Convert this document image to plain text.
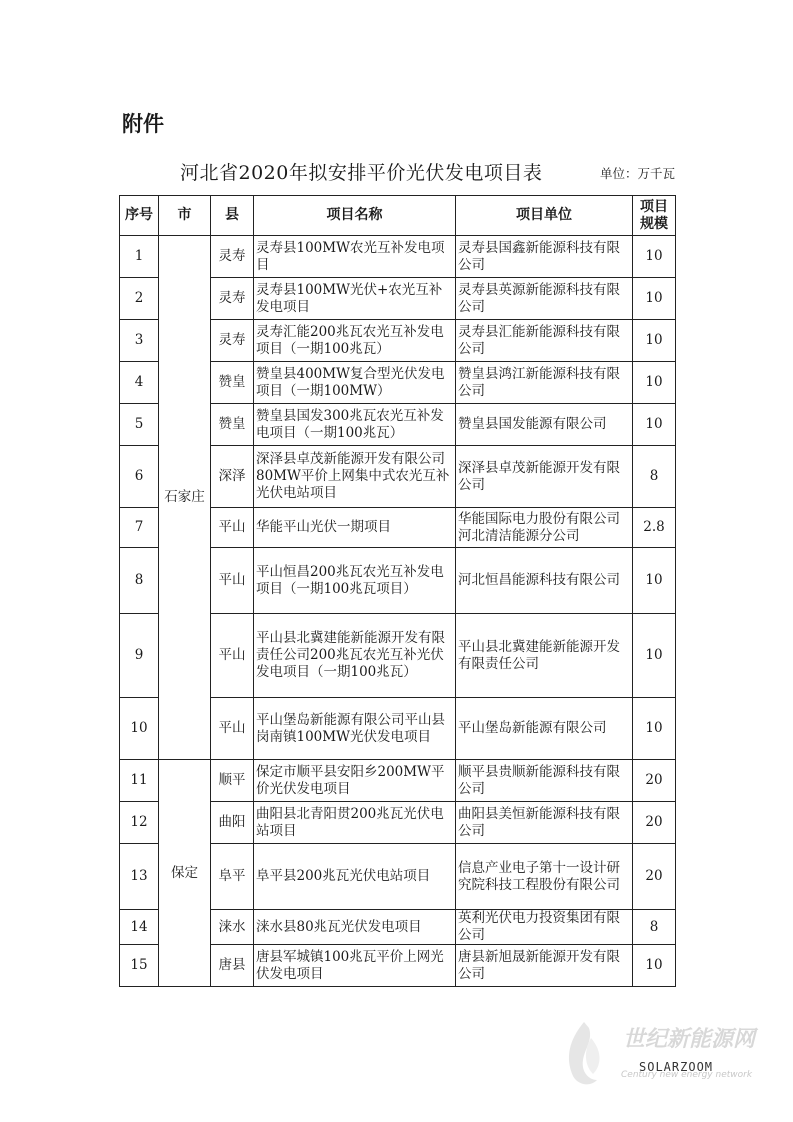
附件
河北省2020年拟安排平价光伏发电项目表	单位：万千瓦
序号	市	县	项目名称	项目单位	项目
规模

1	石家庄	灵寿	灵寿县100MW农光互补发电项目	灵寿县国鑫新能源科技有限公司	10
2		灵寿	灵寿县100MW光伏+农光互补发电项目	灵寿县英源新能源科技有限公司	10
3		灵寿	灵寿汇能200兆瓦农光互补发电项目（一期100兆瓦）	灵寿县汇能新能源科技有限公司	10
4		赞皇	赞皇县400MW复合型光伏发电项目（一期100MW）	赞皇县鸿江新能源科技有限公司	10
5		赞皇	赞皇县国发300兆瓦农光互补发电项目（一期100兆瓦）	赞皇县国发能源有限公司	10
6		深泽	深泽县卓茂新能源开发有限公司80MW平价上网集中式农光互补光伏电站项目	深泽县卓茂新能源开发有限公司	8
7		平山	华能平山光伏一期项目	华能国际电力股份有限公司河北清洁能源分公司	2.8
8		平山	平山恒昌200兆瓦农光互补发电项目（一期100兆瓦项目）	河北恒昌能源科技有限公司	10
9		平山	平山县北冀建能新能源开发有限责任公司200兆瓦农光互补光伏发电项目（一期100兆瓦）	平山县北冀建能新能源开发有限责任公司	10
10		平山	平山堡岛新能源有限公司平山县岗南镇100MW光伏发电项目	平山堡岛新能源有限公司	10
11	保定	顺平	保定市顺平县安阳乡200MW平价光伏发电项目	顺平县贵顺新能源科技有限公司	20
12		曲阳	曲阳县北青阳贯200兆瓦光伏电站项目	曲阳县美恒新能源科技有限公司	20
13		阜平	阜平县200兆瓦光伏电站项目	信息产业电子第十一设计研究院科技工程股份有限公司	20
14		涞水	涞水县80兆瓦光伏发电项目	英利光伏电力投资集团有限公司	8
15		唐县	唐县军城镇100兆瓦平价上网光伏发电项目	唐县新旭晟新能源开发有限公司	10
世纪新能源网
SOLARZOOM
Century new energy network
